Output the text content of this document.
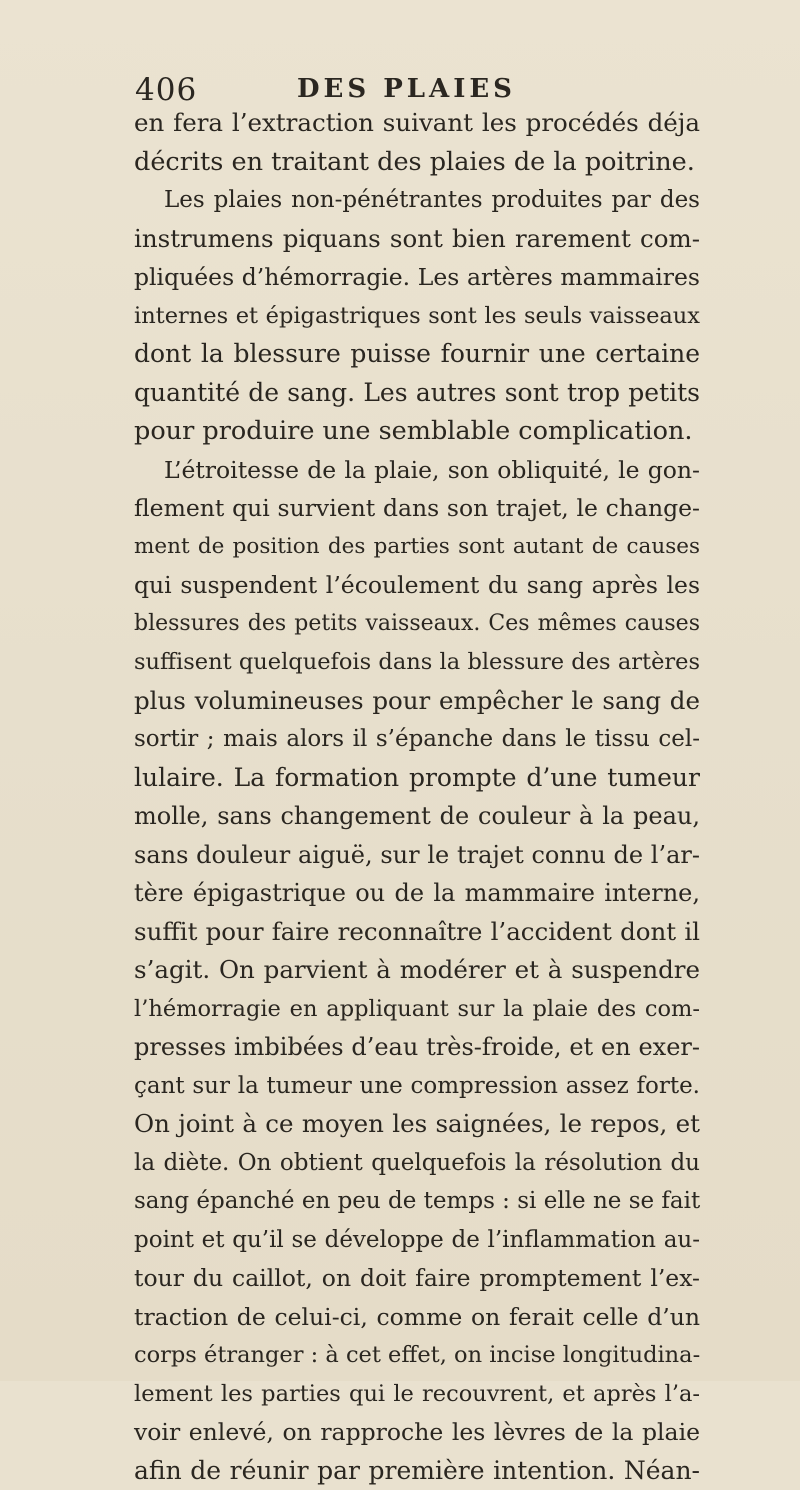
406	DES PLAIES
en fera l’extraction suivant les procédés déja
décrits en traitant des plaies de la poitrine.
Les plaies non-pénétrantes produites par des
instrumens piquans sont bien rarement com-
pliquées d’hémorragie. Les artères mammaires
internes et épigastriques sont les seuls vaisseaux
dont la blessure puisse fournir une certaine
quantité de sang. Les autres sont trop petits
pour produire une semblable complication.
L’étroitesse de la plaie, son obliquité, le gon-
flement qui survient dans son trajet, le change-
ment de position des parties sont autant de causes
qui suspendent l’écoulement du sang après les
blessures des petits vaisseaux. Ces mêmes causes
suffisent quelquefois dans la blessure des artères
plus volumineuses pour empêcher le sang de
sortir ; mais alors il s’épanche dans le tissu cel-
lulaire. La formation prompte d’une tumeur
molle, sans changement de couleur à la peau,
sans douleur aiguë, sur le trajet connu de l’ar-
tère épigastrique ou de la mammaire interne,
suffit pour faire reconnaître l’accident dont il
s’agit. On parvient à modérer et à suspendre
l’hémorragie en appliquant sur la plaie des com-
presses imbibées d’eau très-froide, et en exer-
çant sur la tumeur une compression assez forte.
On joint à ce moyen les saignées, le repos, et
la diète. On obtient quelquefois la résolution du
sang épanché en peu de temps : si elle ne se fait
point et qu’il se développe de l’inflammation au-
tour du caillot, on doit faire promptement l’ex-
traction de celui-ci, comme on ferait celle d’un
corps étranger : à cet effet, on incise longitudina-
lement les parties qui le recouvrent, et après l’a-
voir enlevé, on rapproche les lèvres de la plaie
afin de réunir par première intention. Néan-
